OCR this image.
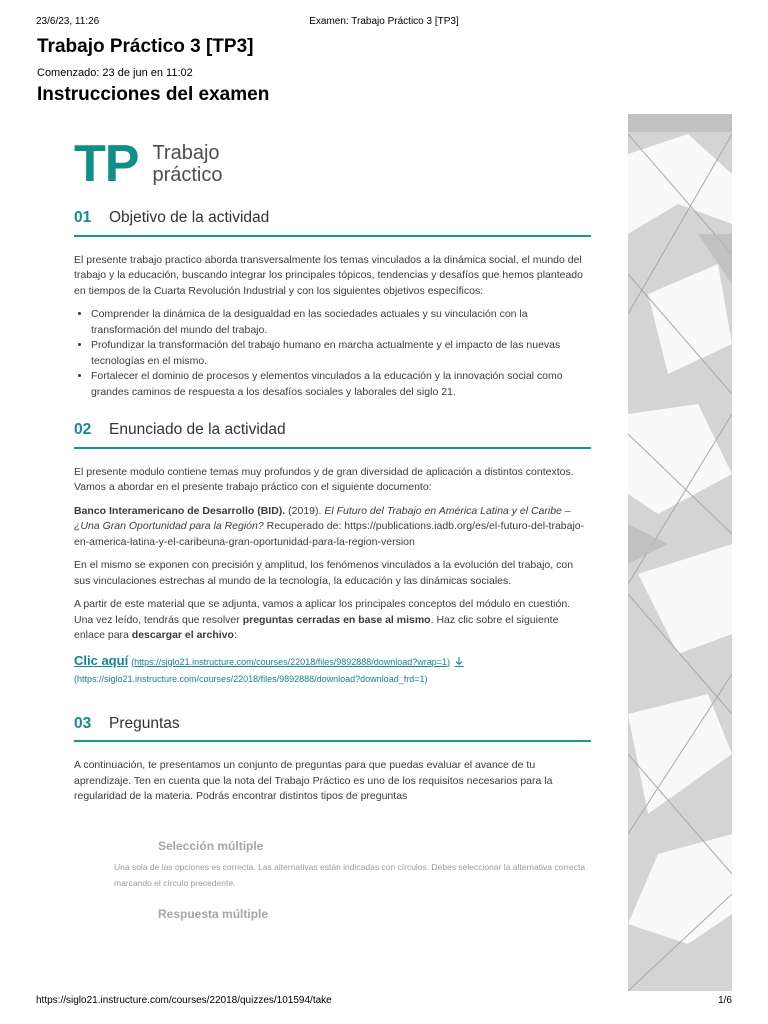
23/6/23, 11:26	Examen: Trabajo Práctico 3 [TP3]
Trabajo Práctico 3 [TP3]
Comenzado: 23 de jun en 11:02
Instrucciones del examen
TP Trabajo
práctico
01	Objetivo de la actividad

El presente trabajo practico aborda transversalmente los temas vinculados a la dinámica social, el mundo del trabajo y la educación, buscando integrar los principales tópicos, tendencias y desafíos que hemos planteado en tiempos de la Cuarta Revolución Industrial y con los siguientes objetivos específicos:

• Comprender la dinámica de la desigualdad en las sociedades actuales y su vinculación con la transformación del mundo del trabajo.
• Profundizar la transformación del trabajo humano en marcha actualmente y el impacto de las nuevas tecnologías en el mismo.
• Fortalecer el dominio de procesos y elementos vinculados a la educación y la innovación social como grandes caminos de respuesta a los desafíos sociales y laborales del siglo 21.
02	Enunciado de la actividad

El presente modulo contiene temas muy profundos y de gran diversidad de aplicación a distintos contextos. Vamos a abordar en el presente trabajo práctico con el siguiente documento:

Banco Interamericano de Desarrollo (BID). (2019). El Futuro del Trabajo en América Latina y el Caribe – ¿Una Gran Oportunidad para la Región? Recuperado de: https://publications.iadb.org/es/el-futuro-del-trabajo-en-america-latina-y-el-caribeuna-gran-oportunidad-para-la-region-version

En el mismo se exponen con precisión y amplitud, los fenómenos vinculados a la evolución del trabajo, con sus vinculaciones estrechas al mundo de la tecnología, la educación y las dinámicas sociales.

A partir de este material que se adjunta, vamos a aplicar los principales conceptos del módulo en cuestión. Una vez leído, tendrás que resolver preguntas cerradas en base al mismo. Haz clic sobre el siguiente enlace para descargar el archivo:

Clic aquí (https://siglo21.instructure.com/courses/22018/files/9892888/download?wrap=1)
(https://siglo21.instructure.com/courses/22018/files/9892888/download?download_frd=1)
03	Preguntas

A continuación, te presentamos un conjunto de preguntas para que puedas evaluar el avance de tu aprendizaje. Ten en cuenta que la nota del Trabajo Práctico es uno de los requisitos necesarios para la regularidad de la materia. Podrás encontrar distintos tipos de preguntas

Selección múltiple
Una sola de las opciones es correcta. Las alternativas están indicadas con círculos. Debes seleccionar la alternativa correcta marcando el círculo precedente.
Respuesta múltiple
https://siglo21.instructure.com/courses/22018/quizzes/101594/take	1/6
